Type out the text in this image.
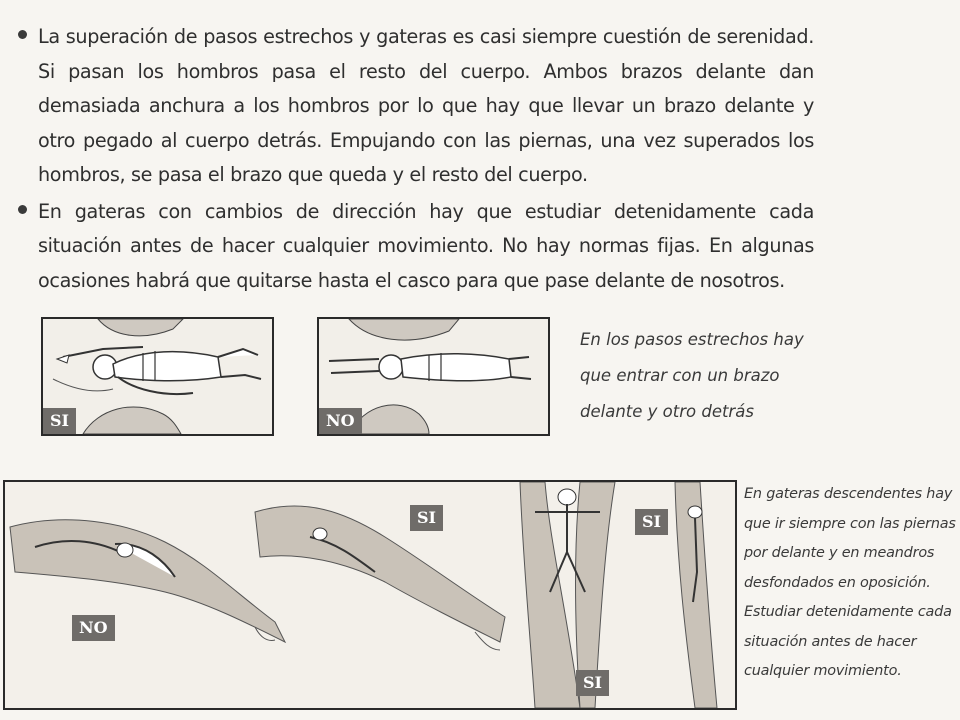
La superación de pasos estrechos y gateras es casi siempre cuestión de serenidad. Si pasan los hombros pasa el resto del cuerpo. Ambos brazos delante dan demasiada anchura a los hombros por lo que hay que llevar un brazo delante y otro pegado al cuerpo detrás. Empujando con las piernas, una vez superados los hombros, se pasa el brazo que queda y el resto del cuerpo.

En gateras con cambios de dirección hay que estudiar detenidamente cada situación antes de hacer cualquier movimiento. No hay normas fijas. En algunas ocasiones habrá que quitarse hasta el casco para que pase delante de nosotros.

SI	NO

En los pasos estrechos hay

que entrar con un brazo

delante y otro detrás

NO
SI
SI
SI

En gateras descendentes hay

que ir siempre con las piernas

por delante y en meandros

desfondados en oposición.

Estudiar detenidamente cada

situación antes de hacer

cualquier movimiento.
